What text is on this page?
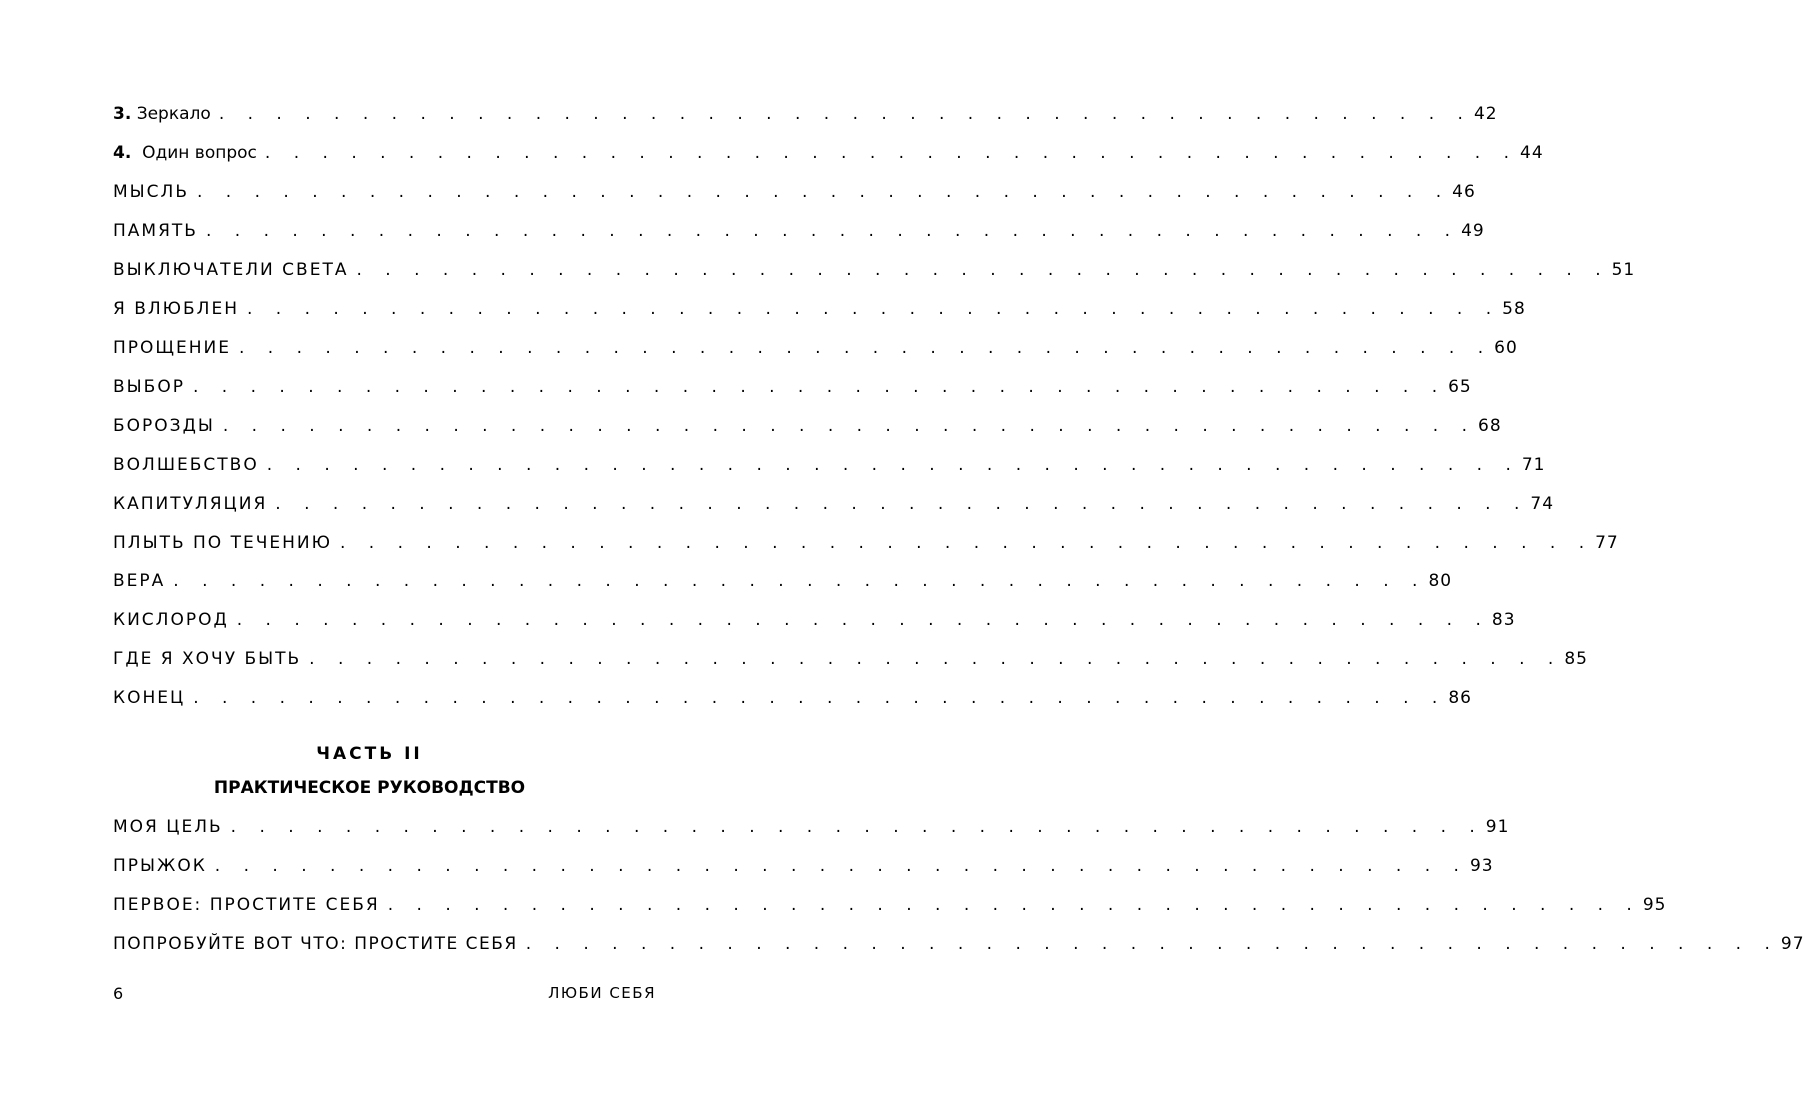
3. Зеркало . . . . . . . . . . . . . . . . . . . . . . . . . . . . . . . . . . . . . . . . . . . . 42
4. Один вопрос . . . . . . . . . . . . . . . . . . . . . . . . . . . . . . . . . . . . . . . . . . . . 44
МЫСЛЬ . . . . . . . . . . . . . . . . . . . . . . . . . . . . . . . . . . . . . . . . . . . . 46
ПАМЯТЬ . . . . . . . . . . . . . . . . . . . . . . . . . . . . . . . . . . . . . . . . . . . . 49
ВЫКЛЮЧАТЕЛИ СВЕТА . . . . . . . . . . . . . . . . . . . . . . . . . . . . . . . . . . . . . . . . . . . . 51
Я ВЛЮБЛЕН . . . . . . . . . . . . . . . . . . . . . . . . . . . . . . . . . . . . . . . . . . . . 58
ПРОЩЕНИЕ . . . . . . . . . . . . . . . . . . . . . . . . . . . . . . . . . . . . . . . . . . . . 60
ВЫБОР . . . . . . . . . . . . . . . . . . . . . . . . . . . . . . . . . . . . . . . . . . . . 65
БОРОЗДЫ . . . . . . . . . . . . . . . . . . . . . . . . . . . . . . . . . . . . . . . . . . . . 68
ВОЛШЕБСТВО . . . . . . . . . . . . . . . . . . . . . . . . . . . . . . . . . . . . . . . . . . . . 71
КАПИТУЛЯЦИЯ . . . . . . . . . . . . . . . . . . . . . . . . . . . . . . . . . . . . . . . . . . . . 74
ПЛЫТЬ ПО ТЕЧЕНИЮ . . . . . . . . . . . . . . . . . . . . . . . . . . . . . . . . . . . . . . . . . . . . 77
ВЕРА . . . . . . . . . . . . . . . . . . . . . . . . . . . . . . . . . . . . . . . . . . . . 80
КИСЛОРОД . . . . . . . . . . . . . . . . . . . . . . . . . . . . . . . . . . . . . . . . . . . . 83
ГДЕ Я ХОЧУ БЫТЬ . . . . . . . . . . . . . . . . . . . . . . . . . . . . . . . . . . . . . . . . . . . . 85
КОНЕЦ . . . . . . . . . . . . . . . . . . . . . . . . . . . . . . . . . . . . . . . . . . . . 86
МОЯ ЦЕЛЬ . . . . . . . . . . . . . . . . . . . . . . . . . . . . . . . . . . . . . . . . . . . . 91
ПРЫЖОК . . . . . . . . . . . . . . . . . . . . . . . . . . . . . . . . . . . . . . . . . . . . 93
ПЕРВОЕ: ПРОСТИТЕ СЕБЯ . . . . . . . . . . . . . . . . . . . . . . . . . . . . . . . . . . . . . . . . . . . . 95
ПОПРОБУЙТЕ ВОТ ЧТО: ПРОСТИТЕ СЕБЯ . . . . . . . . . . . . . . . . . . . . . . . . . . . . . . . . . . . . . . . . . . . . 97
ЧАСТЬ II
ПРАКТИЧЕСКОЕ РУКОВОДСТВО
6	ЛЮБИ СЕБЯ
